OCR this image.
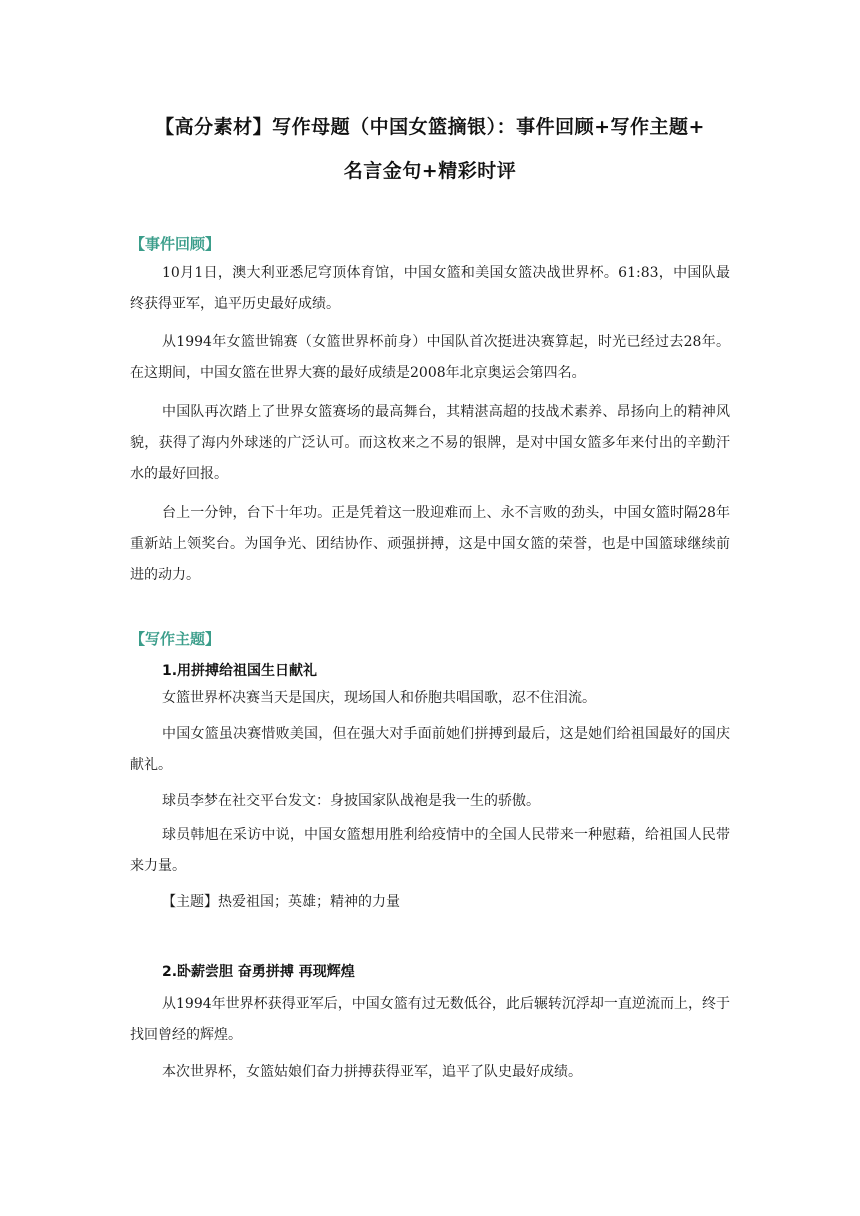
【高分素材】写作母题（中国女篮摘银）：事件回顾+写作主题+
名言金句+精彩时评
【事件回顾】

10月1日，澳大利亚悉尼穹顶体育馆，中国女篮和美国女篮决战世界杯。61:83，中国队最终获得亚军，追平历史最好成绩。

从1994年女篮世锦赛（女篮世界杯前身）中国队首次挺进决赛算起，时光已经过去28年。在这期间，中国女篮在世界大赛的最好成绩是2008年北京奥运会第四名。

中国队再次踏上了世界女篮赛场的最高舞台，其精湛高超的技战术素养、昂扬向上的精神风貌，获得了海内外球迷的广泛认可。而这枚来之不易的银牌，是对中国女篮多年来付出的辛勤汗水的最好回报。

台上一分钟，台下十年功。正是凭着这一股迎难而上、永不言败的劲头，中国女篮时隔28年重新站上领奖台。为国争光、团结协作、顽强拼搏，这是中国女篮的荣誉，也是中国篮球继续前进的动力。

【写作主题】
1.用拼搏给祖国生日献礼

女篮世界杯决赛当天是国庆，现场国人和侨胞共唱国歌，忍不住泪流。

中国女篮虽决赛惜败美国，但在强大对手面前她们拼搏到最后，这是她们给祖国最好的国庆献礼。

球员李梦在社交平台发文：身披国家队战袍是我一生的骄傲。

球员韩旭在采访中说，中国女篮想用胜利给疫情中的全国人民带来一种慰藉，给祖国人民带来力量。

【主题】热爱祖国；英雄；精神的力量

2.卧薪尝胆 奋勇拼搏 再现辉煌

从1994年世界杯获得亚军后，中国女篮有过无数低谷，此后辗转沉浮却一直逆流而上，终于找回曾经的辉煌。

本次世界杯，女篮姑娘们奋力拼搏获得亚军，追平了队史最好成绩。
